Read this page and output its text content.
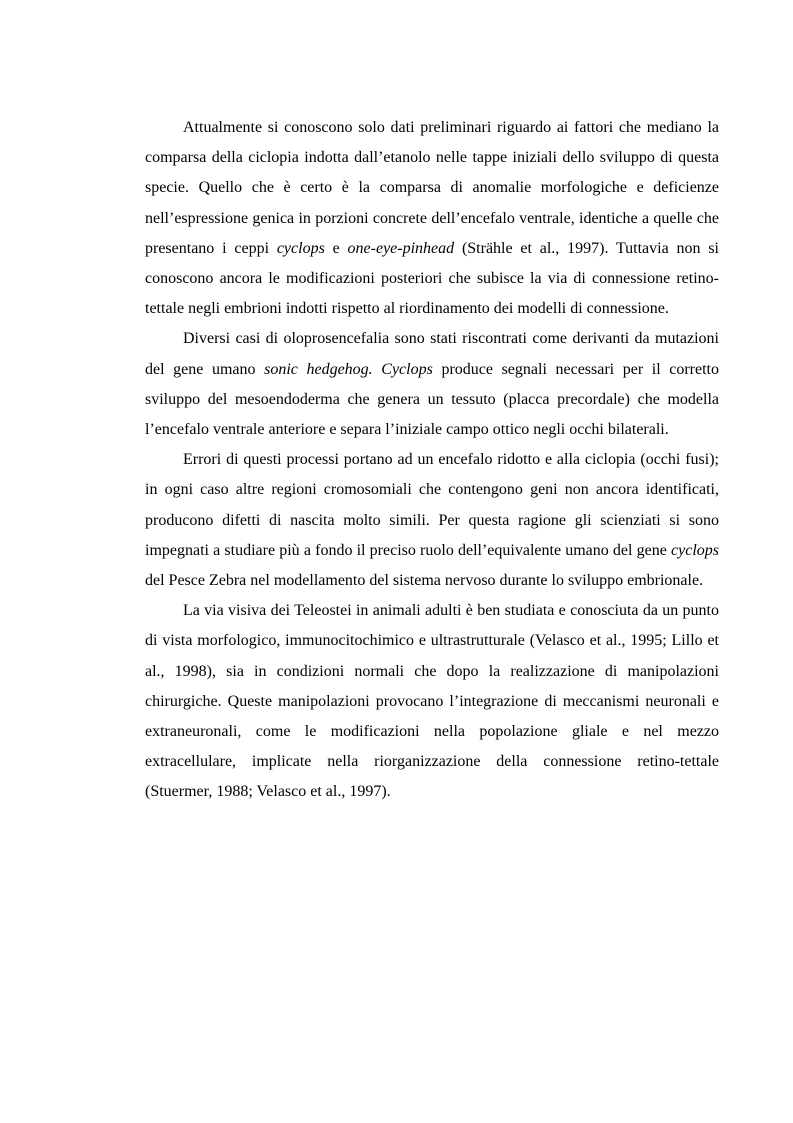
Attualmente si conoscono solo dati preliminari riguardo ai fattori che mediano la comparsa della ciclopia indotta dall’etanolo nelle tappe iniziali dello sviluppo di questa specie. Quello che è certo è la comparsa di anomalie morfologiche e deficienze nell’espressione genica in porzioni concrete dell’encefalo ventrale, identiche a quelle che presentano i ceppi cyclops e one-eye-pinhead (Strähle et al., 1997). Tuttavia non si conoscono ancora le modificazioni posteriori che subisce la via di connessione retino-tettale negli embrioni indotti rispetto al riordinamento dei modelli di connessione.

Diversi casi di oloprosencefalia sono stati riscontrati come derivanti da mutazioni del gene umano sonic hedgehog. Cyclops produce segnali necessari per il corretto sviluppo del mesoendoderma che genera un tessuto (placca precordale) che modella l’encefalo ventrale anteriore e separa l’iniziale campo ottico negli occhi bilaterali.

Errori di questi processi portano ad un encefalo ridotto e alla ciclopia (occhi fusi); in ogni caso altre regioni cromosomiali che contengono geni non ancora identificati, producono difetti di nascita molto simili. Per questa ragione gli scienziati si sono impegnati a studiare più a fondo il preciso ruolo dell’equivalente umano del gene cyclops del Pesce Zebra nel modellamento del sistema nervoso durante lo sviluppo embrionale.

La via visiva dei Teleostei in animali adulti è ben studiata e conosciuta da un punto di vista morfologico, immunocitochimico e ultrastrutturale (Velasco et al., 1995; Lillo et al., 1998), sia in condizioni normali che dopo la realizzazione di manipolazioni chirurgiche. Queste manipolazioni provocano l’integrazione di meccanismi neuronali e extraneuronali, come le modificazioni nella popolazione gliale e nel mezzo extracellulare, implicate nella riorganizzazione della connessione retino-tettale (Stuermer, 1988; Velasco et al., 1997).
